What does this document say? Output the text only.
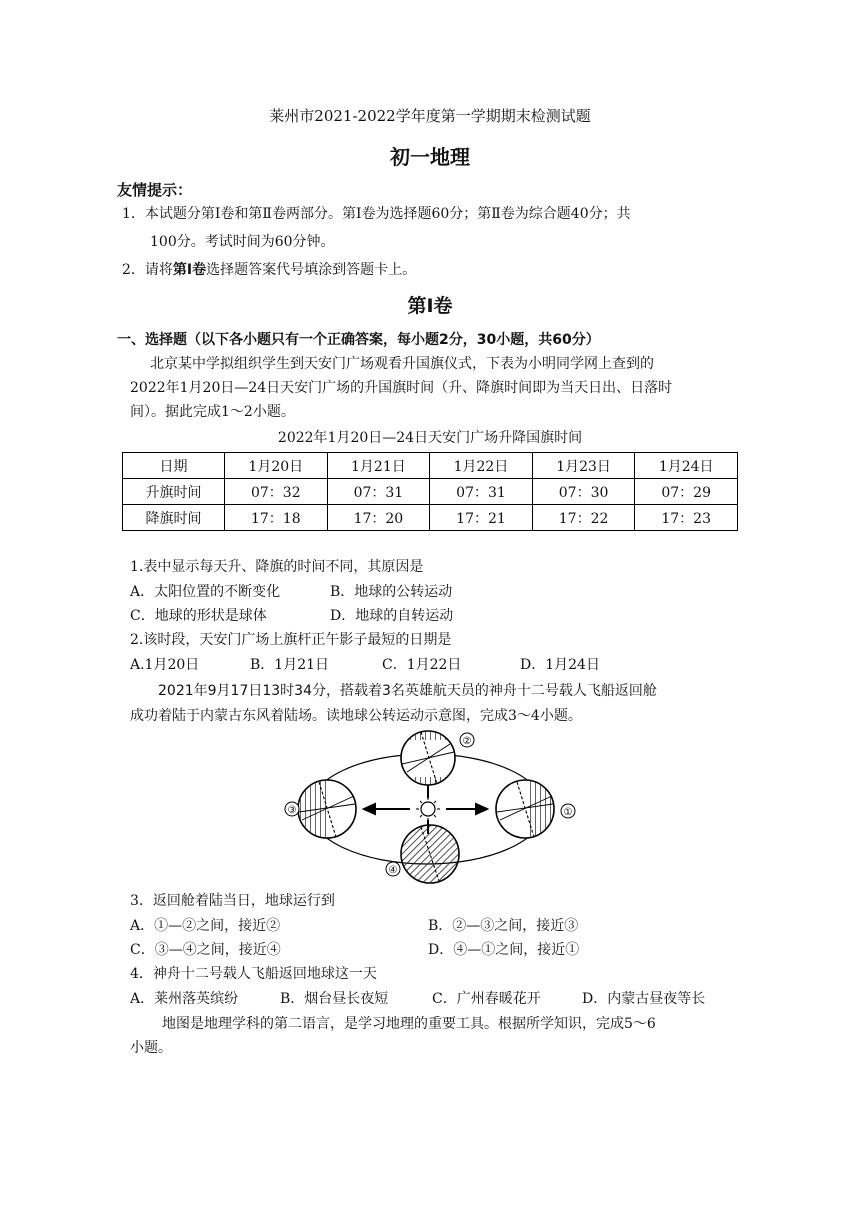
莱州市2021-2022学年度第一学期期末检测试题
初一地理
友情提示：
1．本试题分第Ⅰ卷和第Ⅱ卷两部分。第Ⅰ卷为选择题60分；第Ⅱ卷为综合题40分；共
100分。考试时间为60分钟。
2．请将第Ⅰ卷选择题答案代号填涂到答题卡上。
第Ⅰ卷
一、选择题（以下各小题只有一个正确答案，每小题2分，30小题，共60分）
北京某中学拟组织学生到天安门广场观看升国旗仪式，下表为小明同学网上查到的
2022年1月20日—24日天安门广场的升国旗时间（升、降旗时间即为当天日出、日落时
间）。据此完成1～2小题。
2022年1月20日—24日天安门广场升降国旗时间
日期	1月20日	1月21日	1月22日	1月23日	1月24日
升旗时间	07：32	07：31	07：31	07：30	07：29
降旗时间	17：18	17：20	17：21	17：22	17：23
1.表中显示每天升、降旗的时间不同，其原因是
A．太阳位置的不断变化	B．地球的公转运动
C．地球的形状是球体	D．地球的自转运动
2.该时段，天安门广场上旗杆正午影子最短的日期是
A.1月20日	B．1月21日	C．1月22日	D．1月24日
2021年9月17日13时34分，搭载着3名英雄航天员的神舟十二号载人飞船返回舱
成功着陆于内蒙古东风着陆场。读地球公转运动示意图，完成3～4小题。
②
③	①
④
3．返回舱着陆当日，地球运行到
A．①—②之间，接近②	B．②—③之间，接近③
C．③—④之间，接近④	D．④—①之间，接近①
4．神舟十二号载人飞船返回地球这一天
A．莱州落英缤纷	B．烟台昼长夜短	C．广州春暖花开	D．内蒙古昼夜等长
地图是地理学科的第二语言，是学习地理的重要工具。根据所学知识，完成5～6
小题。
